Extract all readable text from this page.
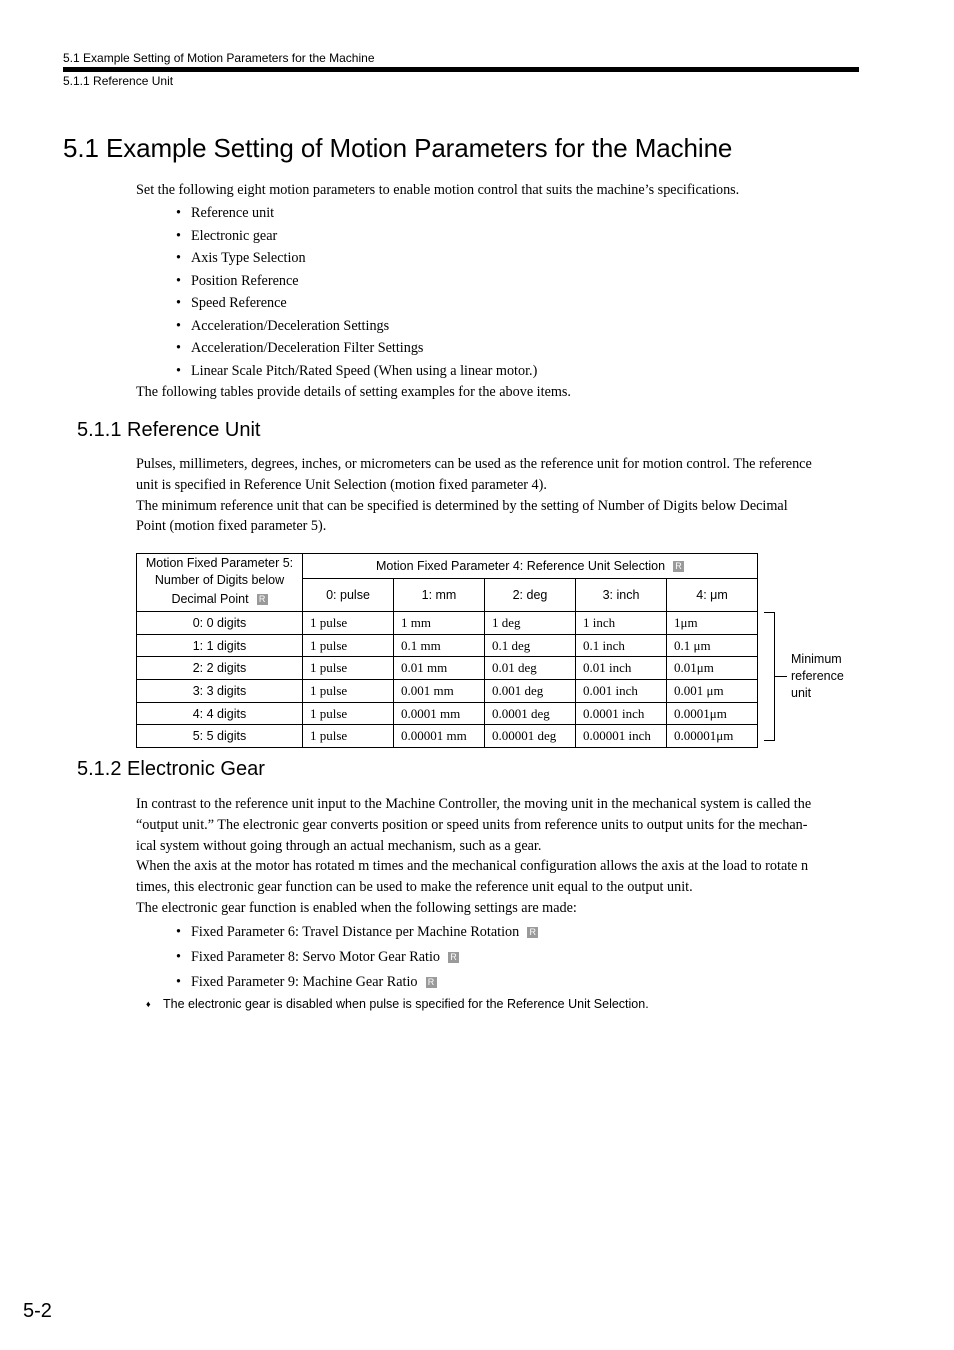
5.1 Example Setting of Motion Parameters for the Machine
5.1.1 Reference Unit
5.1 Example Setting of Motion Parameters for the Machine
Set the following eight motion parameters to enable motion control that suits the machine’s specifications.
• Reference unit
• Electronic gear
• Axis Type Selection
• Position Reference
• Speed Reference
• Acceleration/Deceleration Settings
• Acceleration/Deceleration Filter Settings
• Linear Scale Pitch/Rated Speed (When using a linear motor.)
The following tables provide details of setting examples for the above items.
5.1.1 Reference Unit
Pulses, millimeters, degrees, inches, or micrometers can be used as the reference unit for motion control. The reference
unit is specified in Reference Unit Selection (motion fixed parameter 4).
The minimum reference unit that can be specified is determined by the setting of Number of Digits below Decimal
Point (motion fixed parameter 5).
Motion Fixed Parameter 5:
Number of Digits below
Decimal Point R	Motion Fixed Parameter 4: Reference Unit Selection R				
	0: pulse	1: mm	2: deg	3: inch	4: μm
0: 0 digits	1 pulse	1 mm	1 deg	1 inch	1μm
1: 1 digits	1 pulse	0.1 mm	0.1 deg	0.1 inch	0.1 μm
2: 2 digits	1 pulse	0.01 mm	0.01 deg	0.01 inch	0.01μm
3: 3 digits	1 pulse	0.001 mm	0.001 deg	0.001 inch	0.001 μm
4: 4 digits	1 pulse	0.0001 mm	0.0001 deg	0.0001 inch	0.0001μm
5: 5 digits	1 pulse	0.00001 mm	0.00001 deg	0.00001 inch	0.00001μm
Minimum
reference
unit
5.1.2 Electronic Gear
In contrast to the reference unit input to the Machine Controller, the moving unit in the mechanical system is called the
“output unit.” The electronic gear converts position or speed units from reference units to output units for the mechan-
ical system without going through an actual mechanism, such as a gear.
When the axis at the motor has rotated m times and the mechanical configuration allows the axis at the load to rotate n
times, this electronic gear function can be used to make the reference unit equal to the output unit.
The electronic gear function is enabled when the following settings are made:
• Fixed Parameter 6: Travel Distance per Machine Rotation R
• Fixed Parameter 8: Servo Motor Gear Ratio R
• Fixed Parameter 9: Machine Gear Ratio R
♦ The electronic gear is disabled when pulse is specified for the Reference Unit Selection.
5-2
